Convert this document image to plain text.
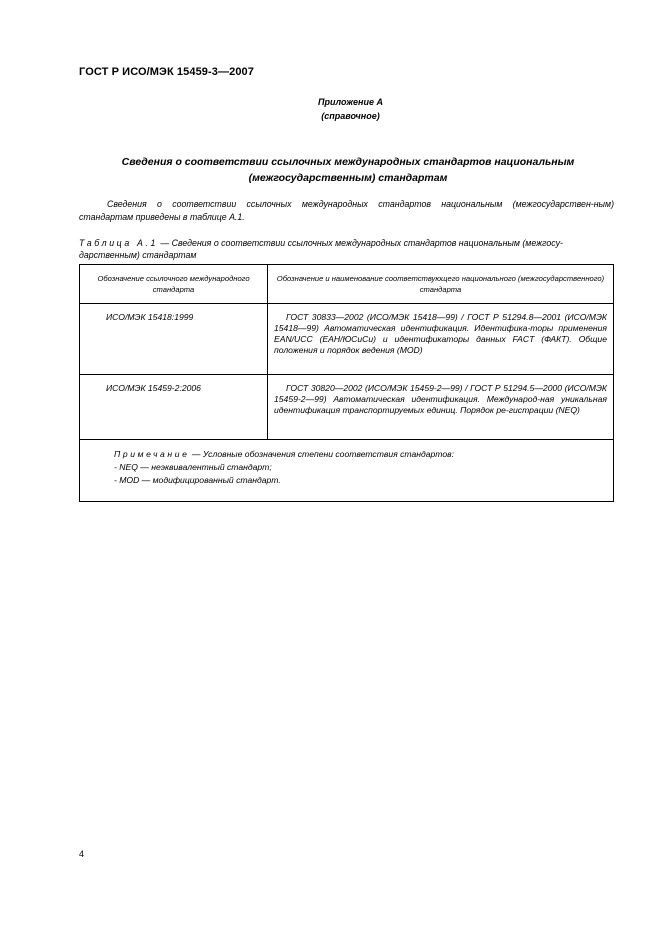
ГОСТ Р ИСО/МЭК 15459-3—2007
Приложение А
(справочное)
Сведения о соответствии ссылочных международных стандартов национальным
(межгосударственным) стандартам
Сведения о соответствии ссылочных международных стандартов национальным (межгосударствен-ным) стандартам приведены в таблице А.1.
Таблица А.1 — Сведения о соответствии ссылочных международных стандартов национальным (межгосу-дарственным) стандартам
Обозначение ссылочного международного стандарта	Обозначение и наименование соответствующего национального (межгосударственного) стандарта
ИСО/МЭК 15418:1999	ГОСТ 30833—2002 (ИСО/МЭК 15418—99) / ГОСТ Р 51294.8—2001 (ИСО/МЭК 15418—99) Автоматическая идентификация. Идентифика-торы применения EAN/UCC (ЕАН/ЮСиСи) и идентификаторы данных FACT (ФАКТ). Общие положения и порядок ведения (MOD)
ИСО/МЭК 15459-2:2006	ГОСТ 30820—2002 (ИСО/МЭК 15459-2—99) / ГОСТ Р 51294.5—2000 (ИСО/МЭК 15459-2—99) Автоматическая идентификация. Международ-ная уникальная идентификация транспортируемых единиц. Порядок ре-гистрации (NEQ)

Примечание — Условные обозначения степени соответствия стандартов:
- NEQ — неэквивалентный стандарт;
- MOD — модифицированный стандарт.	
4
